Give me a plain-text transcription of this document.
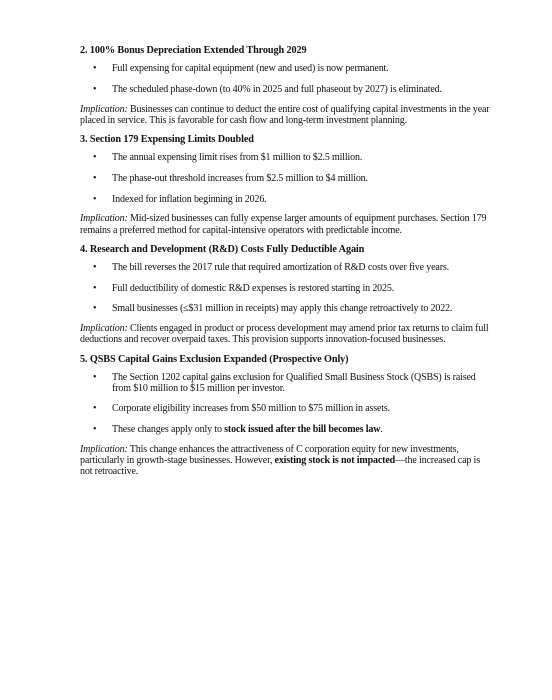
2. 100% Bonus Depreciation Extended Through 2029
• Full expensing for capital equipment (new and used) is now permanent.
• The scheduled phase-down (to 40% in 2025 and full phaseout by 2027) is eliminated.

Implication: Businesses can continue to deduct the entire cost of qualifying capital investments in the year placed in service. This is favorable for cash flow and long-term investment planning.

3. Section 179 Expensing Limits Doubled
• The annual expensing limit rises from $1 million to $2.5 million.
• The phase-out threshold increases from $2.5 million to $4 million.
• Indexed for inflation beginning in 2026.

Implication: Mid-sized businesses can fully expense larger amounts of equipment purchases. Section 179 remains a preferred method for capital-intensive operators with predictable income.

4. Research and Development (R&D) Costs Fully Deductible Again
• The bill reverses the 2017 rule that required amortization of R&D costs over five years.
• Full deductibility of domestic R&D expenses is restored starting in 2025.
• Small businesses (≤$31 million in receipts) may apply this change retroactively to 2022.

Implication: Clients engaged in product or process development may amend prior tax returns to claim full deductions and recover overpaid taxes. This provision supports innovation-focused businesses.

5. QSBS Capital Gains Exclusion Expanded (Prospective Only)
• The Section 1202 capital gains exclusion for Qualified Small Business Stock (QSBS) is raised from $10 million to $15 million per investor.
• Corporate eligibility increases from $50 million to $75 million in assets.
• These changes apply only to stock issued after the bill becomes law.

Implication: This change enhances the attractiveness of C corporation equity for new investments, particularly in growth-stage businesses. However, existing stock is not impacted—the increased cap is not retroactive.
